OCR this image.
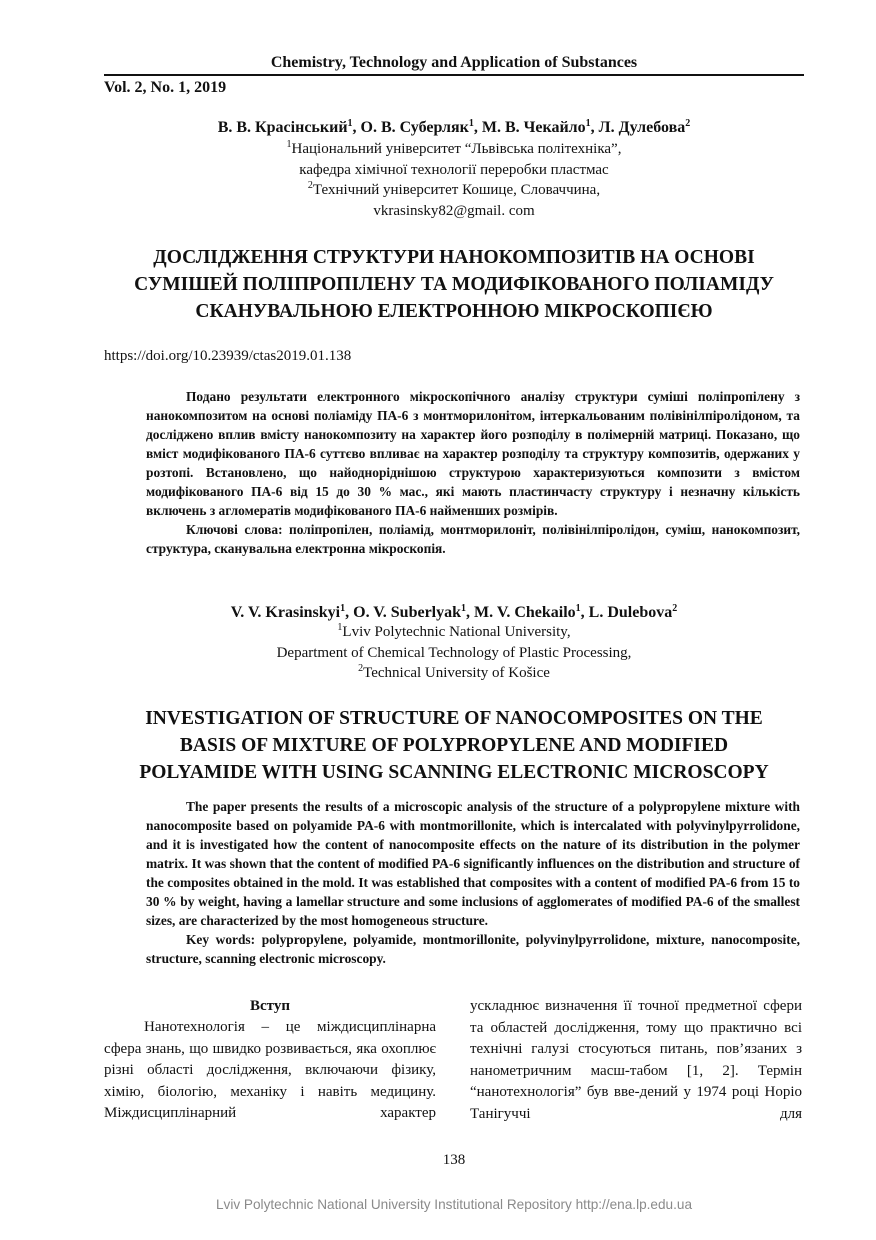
Chemistry, Technology and Application of Substances
Vol. 2, No. 1, 2019
В. В. Красінський$^1$, О. В. Суберляк$^1$, М. В. Чекайло$^1$, Л. Дулебова$^2$
$^1$Національний університет “Львівська політехніка”,
кафедра хімічної технології переробки пластмас
$^2$Технічний університет Кошице, Словаччина,
vkrasinsky82@gmail. com
ДОСЛІДЖЕННЯ СТРУКТУРИ НАНОКОМПОЗИТІВ НА ОСНОВІ
СУМІШЕЙ ПОЛІПРОПІЛЕНУ ТА МОДИФІКОВАНОГО ПОЛІАМІДУ
СКАНУВАЛЬНОЮ ЕЛЕКТРОННОЮ МІКРОСКОПІЄЮ
https://doi.org/10.23939/ctas2019.01.138

Подано результати електронного мікроскопічного аналізу структури суміші поліпропілену з нанокомпозитом на основі поліаміду ПА-6 з монтморилонітом, інтеркальованим полівінілпіролідоном, та досліджено вплив вмісту нанокомпозиту на характер його розподілу в полімерній матриці. Показано, що вміст модифікованого ПА-6 суттєво впливає на характер розподілу та структуру композитів, одержаних у розтопі. Встановлено, що найоднорiднішою структурою характеризуються композити з вмістом модифікованого ПА-6 від 15 до 30 % мас., які мають пластинчасту структуру і незначну кількість включень з агломератів модифікованого ПА-6 найменших розмірів.

Ключові слова: поліпропілен, поліамід, монтморилоніт, полівінілпіролідон, суміш, нанокомпозит, структура, сканувальна електронна мікроскопія.

V. V. Krasinskyi$^1$, O. V. Suberlyak$^1$, M. V. Chekailo$^1$, L. Dulebova$^2$
$^1$Lviv Polytechnic National University,
Department of Chemical Technology of Plastic Processing,
$^2$Technical University of Košice
INVESTIGATION OF STRUCTURE OF NANOCOMPOSITES ON THE
BASIS OF MIXTURE OF POLYPROPYLENE AND MODIFIED
POLYAMIDE WITH USING SCANNING ELECTRONIC MICROSCOPY

The paper presents the results of a microscopic analysis of the structure of a polypropylene mixture with nanocomposite based on polyamide PA-6 with montmorillonite, which is intercalated with polyvinylpyrrolidone, and it is investigated how the content of nanocomposite effects on the nature of its distribution in the polymer matrix. It was shown that the content of modified PA-6 significantly influences on the distribution and structure of the composites obtained in the mold. It was established that composites with a content of modified PA-6 from 15 to 30 % by weight, having a lamellar structure and some inclusions of agglomerates of modified PA-6 of the smallest sizes, are characterized by the most homogeneous structure.

Key words: polypropylene, polyamide, montmorillonite, polyvinylpyrrolidone, mixture, nanocomposite, structure, scanning electronic microscopy.

Вступ

Нанотехнологія – це міждисциплінарна сфера знань, що швидко розвивається, яка охоплює різні області дослідження, включаючи фізику, хімію, біологію, механіку і навіть медицину. Міждисциплінарний характер

ускладнює визначення її точної предметної сфери та областей дослідження, тому що практично всі технічні галузі стосуються питань, пов’язаних з нанометричним масш-табом [1, 2]. Термін “нанотехнологія” був вве-дений у 1974 році Норіо Танігуччі для

138
Lviv Polytechnic National University Institutional Repository http://ena.lp.edu.ua
